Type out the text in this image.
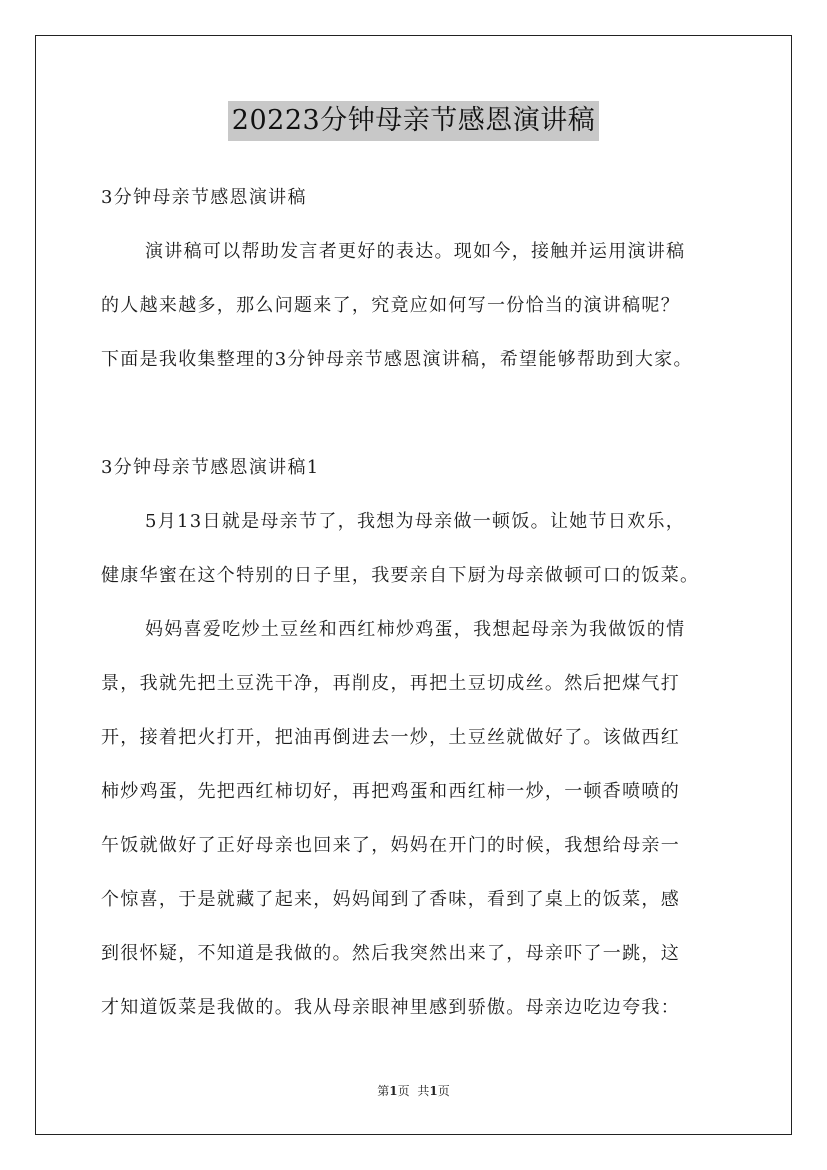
20223分钟母亲节感恩演讲稿
3分钟母亲节感恩演讲稿
演讲稿可以帮助发言者更好的表达。现如今，接触并运用演讲稿
的人越来越多，那么问题来了，究竟应如何写一份恰当的演讲稿呢？
下面是我收集整理的3分钟母亲节感恩演讲稿，希望能够帮助到大家。
3分钟母亲节感恩演讲稿1
5月13日就是母亲节了，我想为母亲做一顿饭。让她节日欢乐，
健康华蜜在这个特别的日子里，我要亲自下厨为母亲做顿可口的饭菜。
妈妈喜爱吃炒土豆丝和西红柿炒鸡蛋，我想起母亲为我做饭的情
景，我就先把土豆洗干净，再削皮，再把土豆切成丝。然后把煤气打
开，接着把火打开，把油再倒进去一炒，土豆丝就做好了。该做西红
柿炒鸡蛋，先把西红柿切好，再把鸡蛋和西红柿一炒，一顿香喷喷的
午饭就做好了正好母亲也回来了，妈妈在开门的时候，我想给母亲一
个惊喜，于是就藏了起来，妈妈闻到了香味，看到了桌上的饭菜，感
到很怀疑，不知道是我做的。然后我突然出来了，母亲吓了一跳，这
才知道饭菜是我做的。我从母亲眼神里感到骄傲。母亲边吃边夸我：
第1页 共1页
